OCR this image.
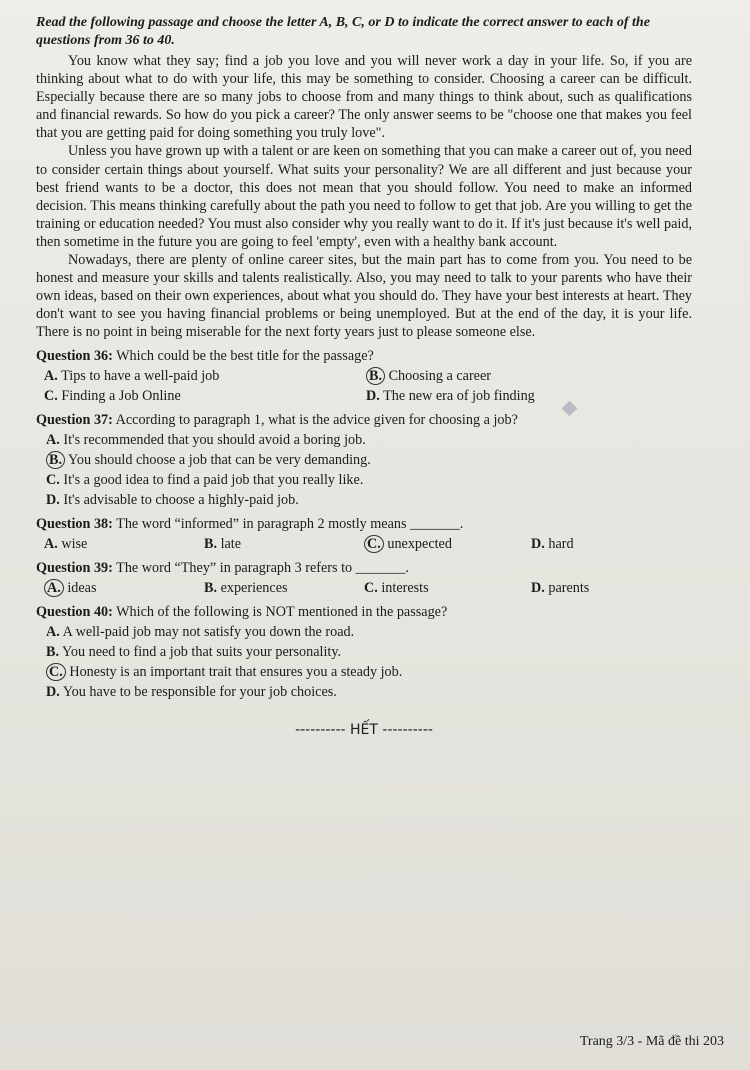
Read the following passage and choose the letter A, B, C, or D to indicate the correct answer to each of the questions from 36 to 40.

You know what they say; find a job you love and you will never work a day in your life. So, if you are thinking about what to do with your life, this may be something to consider. Choosing a career can be difficult. Especially because there are so many jobs to choose from and many things to think about, such as qualifications and financial rewards. So how do you pick a career? The only answer seems to be "choose one that makes you feel that you are getting paid for doing something you truly love".

Unless you have grown up with a talent or are keen on something that you can make a career out of, you need to consider certain things about yourself. What suits your personality? We are all different and just because your best friend wants to be a doctor, this does not mean that you should follow. You need to make an informed decision. This means thinking carefully about the path you need to follow to get that job. Are you willing to get the training or education needed? You must also consider why you really want to do it. If it's just because it's well paid, then sometime in the future you are going to feel 'empty', even with a healthy bank account.

Nowadays, there are plenty of online career sites, but the main part has to come from you. You need to be honest and measure your skills and talents realistically. Also, you may need to talk to your parents who have their own ideas, based on their own experiences, about what you should do. They have your best interests at heart. They don't want to see you having financial problems or being unemployed. But at the end of the day, it is your life. There is no point in being miserable for the next forty years just to please someone else.

Question 36: Which could be the best title for the passage?

A. Tips to have a well-paid job	B. Choosing a career
C. Finding a Job Online	D. The new era of job finding

Question 37: According to paragraph 1, what is the advice given for choosing a job?

A. It's recommended that you should avoid a boring job.
B. You should choose a job that can be very demanding.
C. It's a good idea to find a paid job that you really like.
D. It's advisable to choose a highly-paid job.

Question 38: The word “informed” in paragraph 2 mostly means _______.

A. wise	B. late	C. unexpected	D. hard

Question 39: The word “They” in paragraph 3 refers to _______.

A. ideas	B. experiences	C. interests	D. parents

Question 40: Which of the following is NOT mentioned in the passage?

A. A well-paid job may not satisfy you down the road.
B. You need to find a job that suits your personality.
C. Honesty is an important trait that ensures you a steady job.
D. You have to be responsible for your job choices.
---------- HẾT ----------
Trang 3/3 - Mã đề thi 203
